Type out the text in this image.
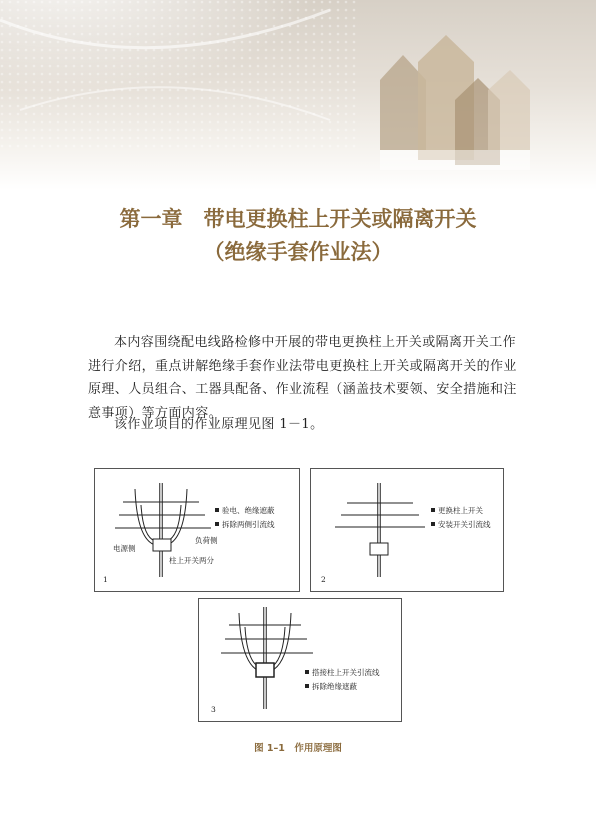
第一章　带电更换柱上开关或隔离开关
（绝缘手套作业法）
本内容围绕配电线路检修中开展的带电更换柱上开关或隔离开关工作进行介绍，重点讲解绝缘手套作业法带电更换柱上开关或隔离开关的作业原理、人员组合、工器具配备、作业流程（涵盖技术要领、安全措施和注意事项）等方面内容。
该作业项目的作业原理见图 1－1。
验电、绝缘遮蔽
拆除两侧引流线
电源侧
负荷侧
柱上开关两分
1
更换柱上开关
安装开关引流线
2
搭接柱上开关引流线
拆除绝缘遮蔽
3
图 1–1　作用原理图
